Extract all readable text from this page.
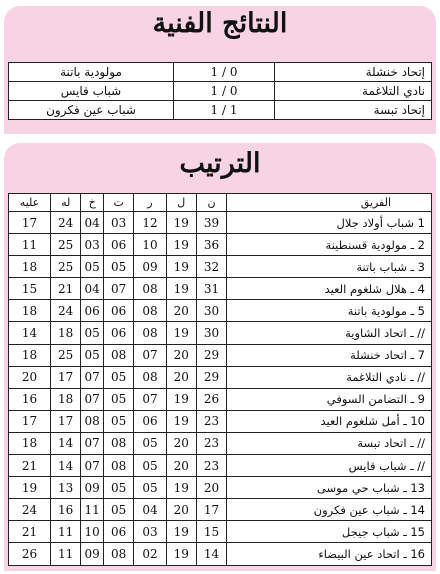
النتائج الفنية
مولودية باتنة	1 / 0	إتحاد خنشلة
شباب قايس	1 / 0	نادي التلاغمة
شباب عين فكرون	1 / 1	إتحاد تبسة
الترتيب
الفريق	ن	ل	ر	ت	خ	له	عليه
1 شباب أولاد جلال	39	19	12	03	04	24	17
2 ـ مولودية قسنطينة	36	19	10	06	03	25	11
3 ـ شباب باتنة	32	19	09	05	05	25	18
4 ـ هلال شلغوم العيد	31	19	08	07	04	21	15
5 ـ مولودية باتنة	30	20	08	06	06	24	18
// ـ اتحاد الشاوية	30	19	08	06	05	18	14
7 ـ اتحاد خنشلة	29	20	07	08	05	25	18
// ـ نادي التلاغمة	29	20	08	05	07	17	20
9 ـ التضامن السوفي	26	19	07	05	07	18	16
10 ـ أمل شلغوم العيد	23	19	06	05	08	17	17
// ـ اتحاد تبسة	23	20	05	08	07	14	18
// ـ شباب قايس	23	20	05	08	07	14	21
13 ـ شباب حي موسى	20	19	05	05	09	13	19
14 ـ شباب عين فكرون	17	20	04	05	11	16	24
15 ـ شباب جيجل	15	19	03	06	10	11	21
16 ـ اتحاد عين البيضاء	14	19	02	08	09	11	26
